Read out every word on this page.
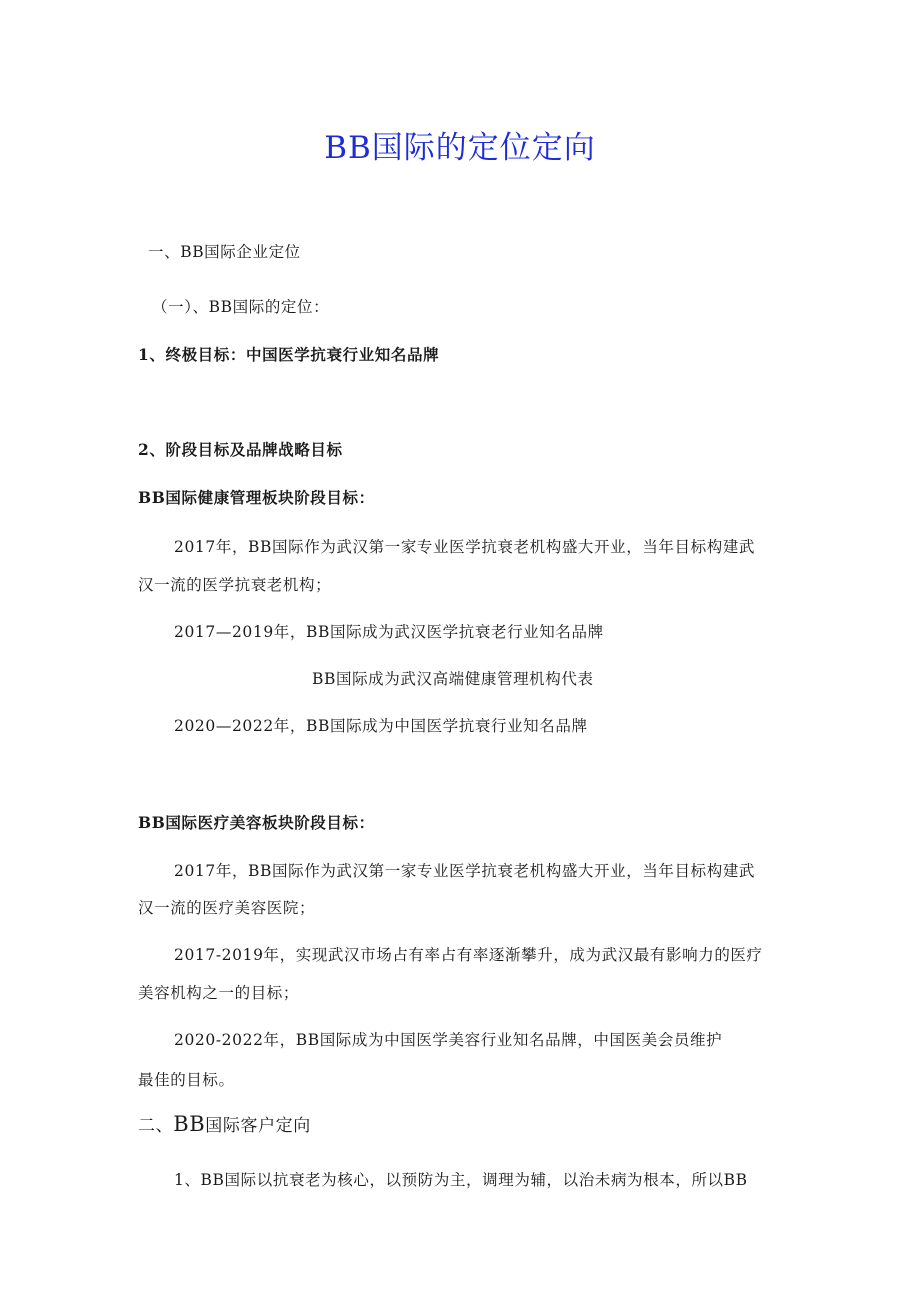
BB国际的定位定向
一、BB国际企业定位
（一）、BB国际的定位：
1、终极目标：中国医学抗衰行业知名品牌
2、阶段目标及品牌战略目标
BB国际健康管理板块阶段目标：
2017年，BB国际作为武汉第一家专业医学抗衰老机构盛大开业，当年目标构建武
汉一流的医学抗衰老机构；
2017—2019年，BB国际成为武汉医学抗衰老行业知名品牌
BB国际成为武汉高端健康管理机构代表
2020—2022年，BB国际成为中国医学抗衰行业知名品牌
BB国际医疗美容板块阶段目标：
2017年，BB国际作为武汉第一家专业医学抗衰老机构盛大开业，当年目标构建武
汉一流的医疗美容医院；
2017-2019年，实现武汉市场占有率占有率逐渐攀升，成为武汉最有影响力的医疗
美容机构之一的目标；
2020-2022年，BB国际成为中国医学美容行业知名品牌，中国医美会员维护
最佳的目标。
二、BB国际客户定向
1、BB国际以抗衰老为核心，以预防为主，调理为辅，以治未病为根本，所以BB
